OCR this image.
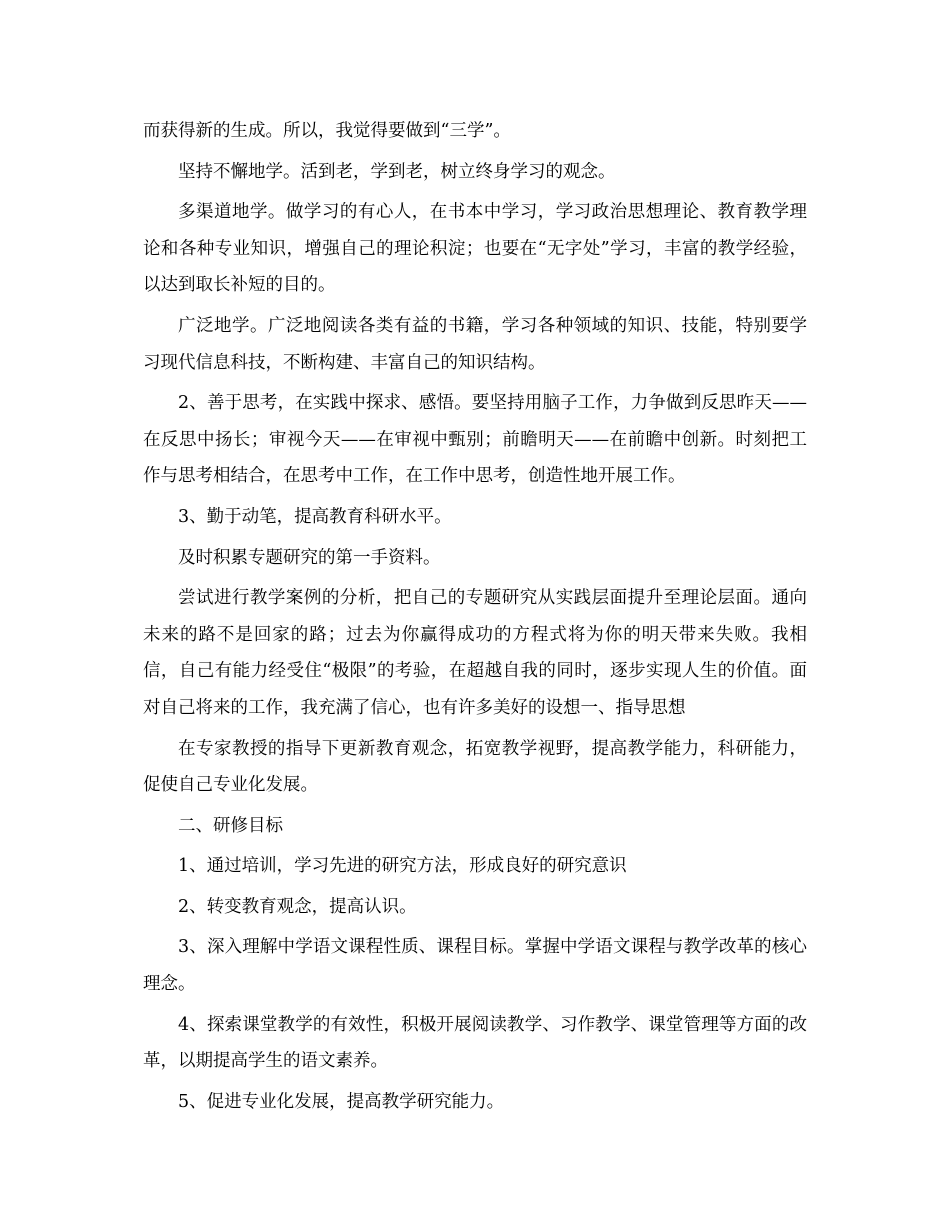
而获得新的生成。所以，我觉得要做到“三学”。

坚持不懈地学。活到老，学到老，树立终身学习的观念。

多渠道地学。做学习的有心人，在书本中学习，学习政治思想理论、教育教学理论和各种专业知识，增强自己的理论积淀；也要在“无字处”学习，丰富的教学经验，以达到取长补短的目的。

广泛地学。广泛地阅读各类有益的书籍，学习各种领域的知识、技能，特别要学习现代信息科技，不断构建、丰富自己的知识结构。

2、善于思考，在实践中探求、感悟。要坚持用脑子工作，力争做到反思昨天——在反思中扬长；审视今天——在审视中甄别；前瞻明天——在前瞻中创新。时刻把工作与思考相结合，在思考中工作，在工作中思考，创造性地开展工作。

3、勤于动笔，提高教育科研水平。

及时积累专题研究的第一手资料。

尝试进行教学案例的分析，把自己的专题研究从实践层面提升至理论层面。通向未来的路不是回家的路；过去为你赢得成功的方程式将为你的明天带来失败。我相信，自己有能力经受住“极限”的考验，在超越自我的同时，逐步实现人生的价值。面对自己将来的工作，我充满了信心，也有许多美好的设想一、指导思想

在专家教授的指导下更新教育观念，拓宽教学视野，提高教学能力，科研能力，促使自己专业化发展。

二、研修目标

1、通过培训，学习先进的研究方法，形成良好的研究意识

2、转变教育观念，提高认识。

3、深入理解中学语文课程性质、课程目标。掌握中学语文课程与教学改革的核心理念。

4、探索课堂教学的有效性，积极开展阅读教学、习作教学、课堂管理等方面的改革，以期提高学生的语文素养。

5、促进专业化发展，提高教学研究能力。
